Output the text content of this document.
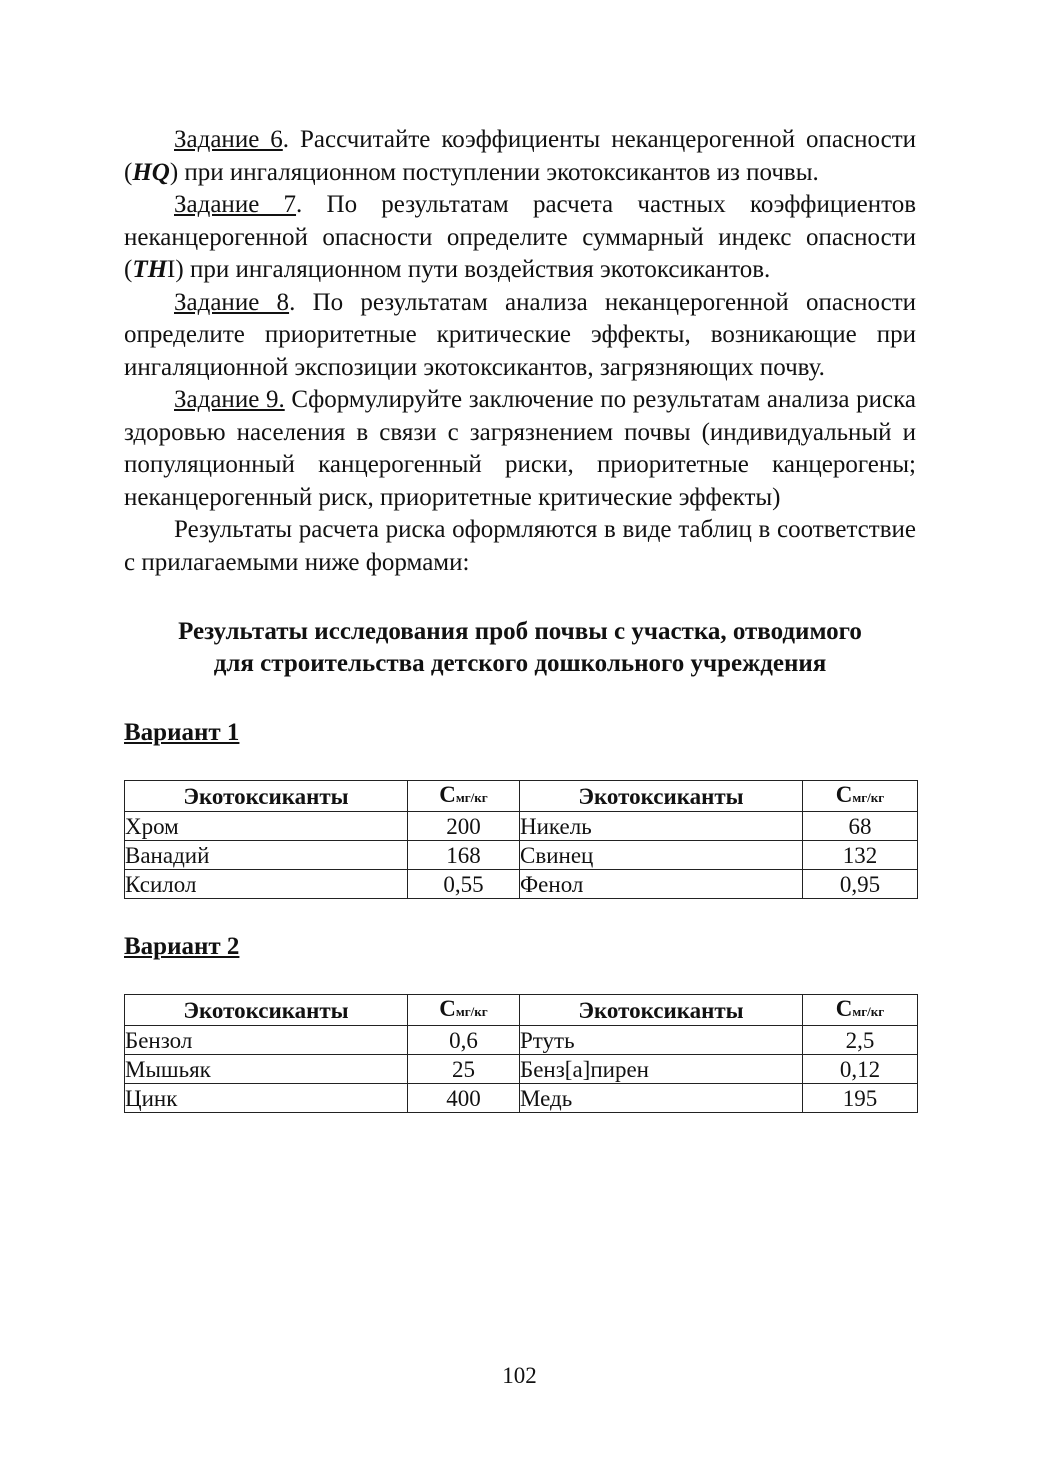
Задание 6. Рассчитайте коэффициенты неканцерогенной опасности (HQ) при ингаляционном поступлении экотоксикантов из почвы.

Задание 7. По результатам расчета частных коэффициентов неканцерогенной опасности определите суммарный индекс опасности (THI) при ингаляционном пути воздействия экотоксикантов.

Задание 8. По результатам анализа неканцерогенной опасности определите приоритетные критические эффекты, возникающие при ингаляционной экспозиции экотоксикантов, загрязняющих почву.

Задание 9. Сформулируйте заключение по результатам анализа риска здоровью населения в связи с загрязнением почвы (индивидуальный и популяционный канцерогенный риски, приоритетные канцерогены; неканцерогенный риск, приоритетные критические эффекты)

Результаты расчета риска оформляются в виде таблиц в соответствие с прилагаемыми ниже формами:

Результаты исследования проб почвы с участка, отводимого
для строительства детского дошкольного учреждения
Вариант 1
Экотоксиканты	Cмг/кг	Экотоксиканты	Cмг/кг
Хром	200	Никель	68
Ванадий	168	Свинец	132
Ксилол	0,55	Фенол	0,95
Вариант 2
Экотоксиканты	Cмг/кг	Экотоксиканты	Cмг/кг
Бензол	0,6	Ртуть	2,5
Мышьяк	25	Бенз[а]пирен	0,12
Цинк	400	Медь	195
102
